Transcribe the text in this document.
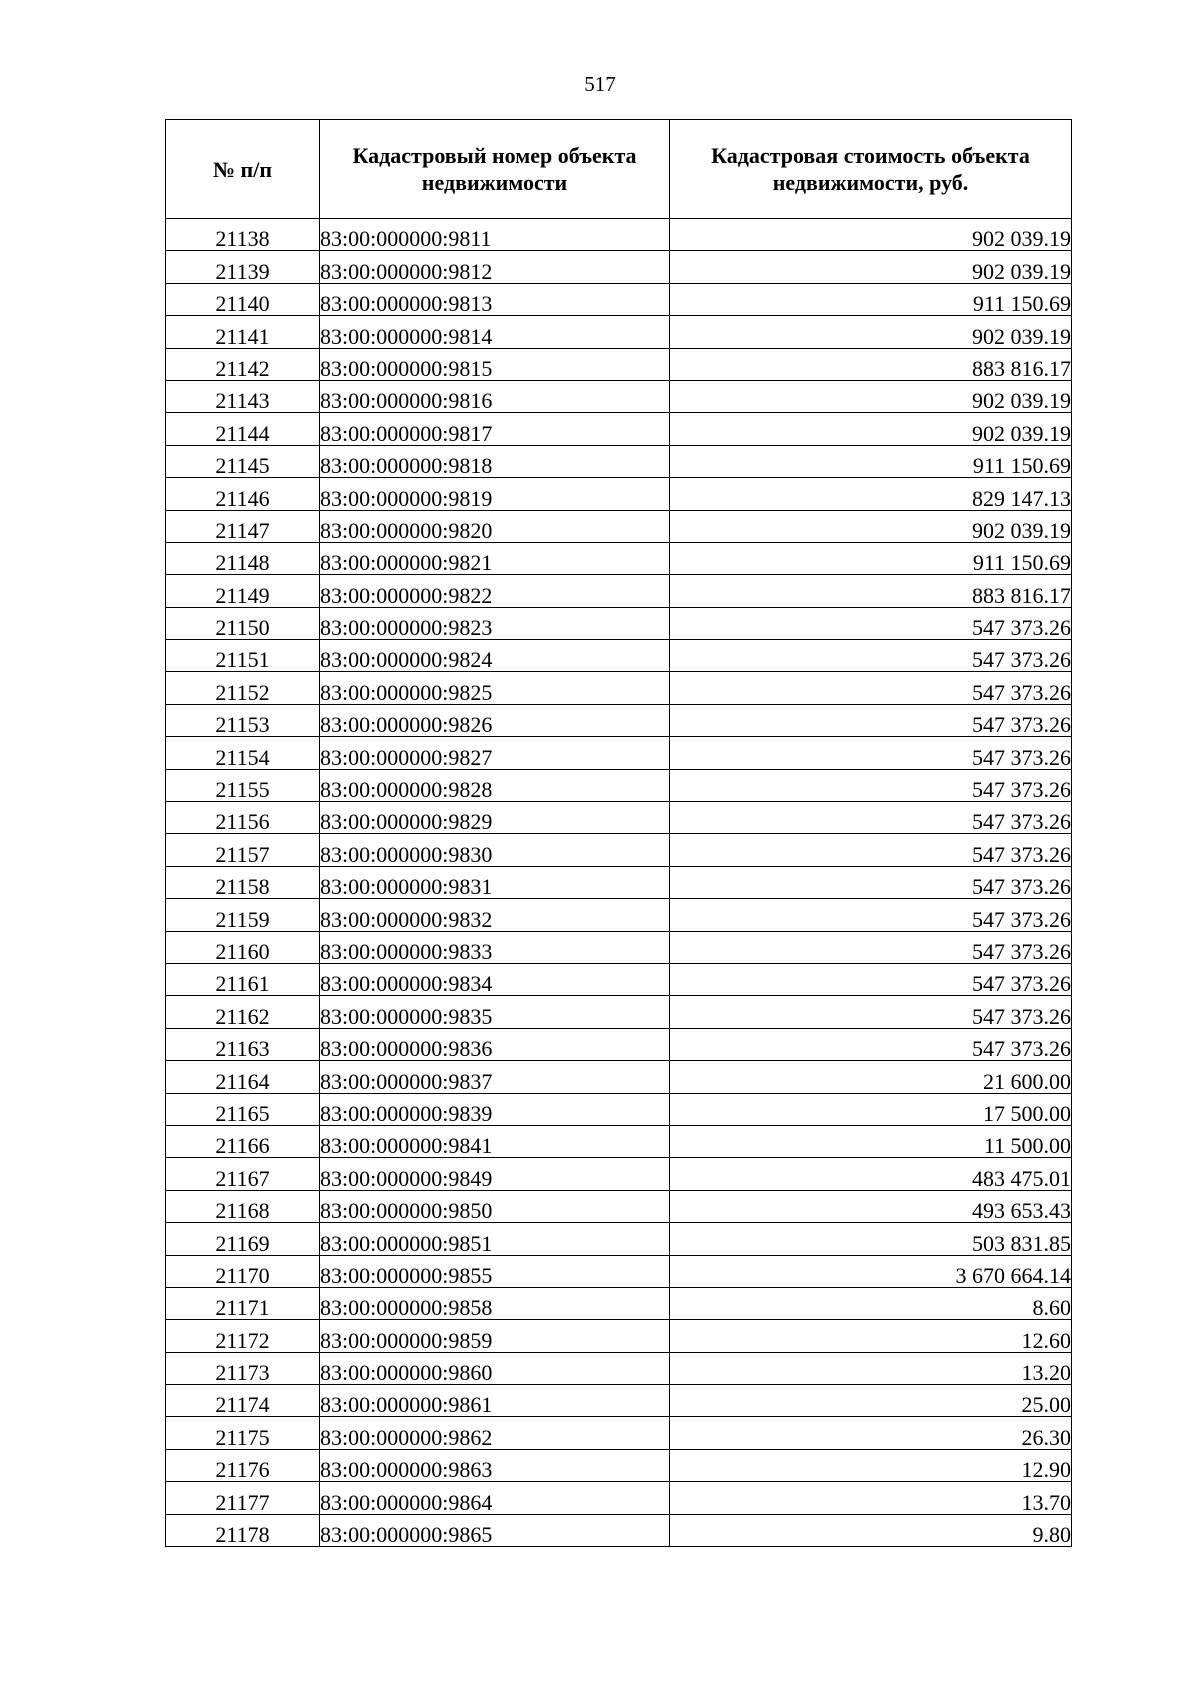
517
№ п/п	Кадастровый номер объекта недвижимости	Кадастровая стоимость объекта недвижимости, руб.
21138	83:00:000000:9811	902 039.19
21139	83:00:000000:9812	902 039.19
21140	83:00:000000:9813	911 150.69
21141	83:00:000000:9814	902 039.19
21142	83:00:000000:9815	883 816.17
21143	83:00:000000:9816	902 039.19
21144	83:00:000000:9817	902 039.19
21145	83:00:000000:9818	911 150.69
21146	83:00:000000:9819	829 147.13
21147	83:00:000000:9820	902 039.19
21148	83:00:000000:9821	911 150.69
21149	83:00:000000:9822	883 816.17
21150	83:00:000000:9823	547 373.26
21151	83:00:000000:9824	547 373.26
21152	83:00:000000:9825	547 373.26
21153	83:00:000000:9826	547 373.26
21154	83:00:000000:9827	547 373.26
21155	83:00:000000:9828	547 373.26
21156	83:00:000000:9829	547 373.26
21157	83:00:000000:9830	547 373.26
21158	83:00:000000:9831	547 373.26
21159	83:00:000000:9832	547 373.26
21160	83:00:000000:9833	547 373.26
21161	83:00:000000:9834	547 373.26
21162	83:00:000000:9835	547 373.26
21163	83:00:000000:9836	547 373.26
21164	83:00:000000:9837	21 600.00
21165	83:00:000000:9839	17 500.00
21166	83:00:000000:9841	11 500.00
21167	83:00:000000:9849	483 475.01
21168	83:00:000000:9850	493 653.43
21169	83:00:000000:9851	503 831.85
21170	83:00:000000:9855	3 670 664.14
21171	83:00:000000:9858	8.60
21172	83:00:000000:9859	12.60
21173	83:00:000000:9860	13.20
21174	83:00:000000:9861	25.00
21175	83:00:000000:9862	26.30
21176	83:00:000000:9863	12.90
21177	83:00:000000:9864	13.70
21178	83:00:000000:9865	9.80
